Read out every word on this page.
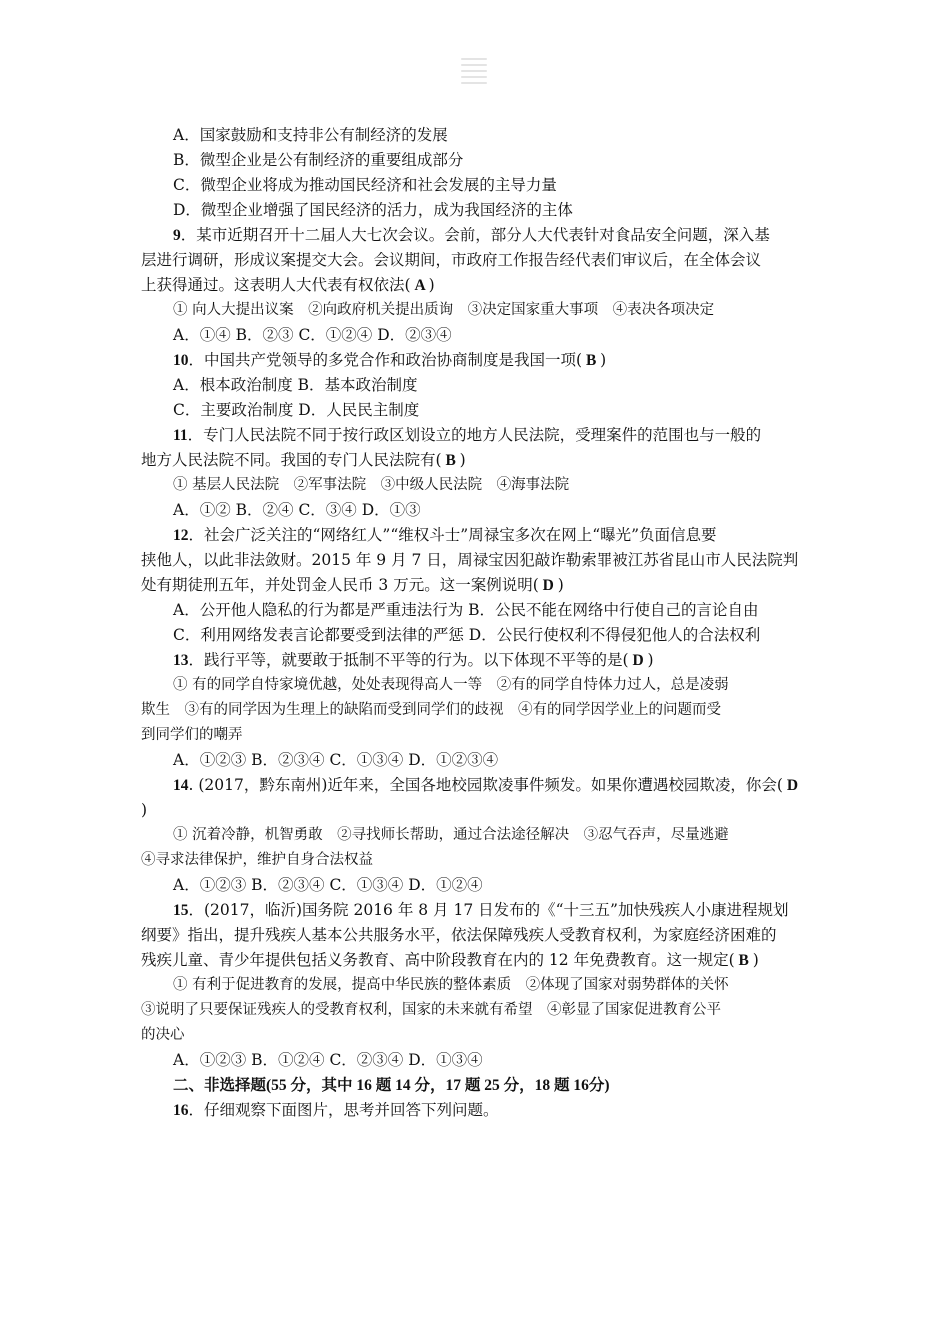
A．国家鼓励和支持非公有制经济的发展
B．微型企业是公有制经济的重要组成部分
C．微型企业将成为推动国民经济和社会发展的主导力量
D．微型企业增强了国民经济的活力，成为我国经济的主体
9．某市近期召开十二届人大七次会议。会前，部分人大代表针对食品安全问题，深入基
层进行调研，形成议案提交大会。会议期间，市政府工作报告经代表们审议后，在全体会议
上获得通过。这表明人大代表有权依法( A )
① 向人大提出议案　②向政府机关提出质询　③决定国家重大事项　④表决各项决定
A．①④ B．②③ C．①②④ D．②③④
10．中国共产党领导的多党合作和政治协商制度是我国一项( B )
A．根本政治制度 B．基本政治制度
C．主要政治制度 D．人民民主制度
11．专门人民法院不同于按行政区划设立的地方人民法院，受理案件的范围也与一般的
地方人民法院不同。我国的专门人民法院有( B )
① 基层人民法院　②军事法院　③中级人民法院　④海事法院
A．①② B．②④ C．③④ D．①③
12．社会广泛关注的“网络红人”“维权斗士”周禄宝多次在网上“曝光”负面信息要
挟他人，以此非法敛财。2015 年 9 月 7 日，周禄宝因犯敲诈勒索罪被江苏省昆山市人民法院判
处有期徒刑五年，并处罚金人民币 3 万元。这一案例说明( D )
A．公开他人隐私的行为都是严重违法行为 B．公民不能在网络中行使自己的言论自由
C．利用网络发表言论都要受到法律的严惩 D．公民行使权利不得侵犯他人的合法权利
13．践行平等，就要敢于抵制不平等的行为。以下体现不平等的是( D )
① 有的同学自恃家境优越，处处表现得高人一等　②有的同学自恃体力过人，总是凌弱
欺生　③有的同学因为生理上的缺陷而受到同学们的歧视　④有的同学因学业上的问题而受
到同学们的嘲弄
A．①②③ B．②③④ C．①③④ D．①②③④
14. (2017，黔东南州)近年来，全国各地校园欺凌事件频发。如果你遭遇校园欺凌，你会( D
)
① 沉着冷静，机智勇敢　②寻找师长帮助，通过合法途径解决　③忍气吞声，尽量逃避
④寻求法律保护，维护自身合法权益
A．①②③ B．②③④ C．①③④ D．①②④
15．(2017，临沂)国务院 2016 年 8 月 17 日发布的《“十三五”加快残疾人小康进程规划
纲要》指出，提升残疾人基本公共服务水平，依法保障残疾人受教育权利，为家庭经济困难的
残疾儿童、青少年提供包括义务教育、高中阶段教育在内的 12 年免费教育。这一规定( B )
① 有利于促进教育的发展，提高中华民族的整体素质　②体现了国家对弱势群体的关怀
③说明了只要保证残疾人的受教育权利，国家的未来就有希望　④彰显了国家促进教育公平
的决心
A．①②③ B．①②④ C．②③④ D．①③④
二、非选择题(55 分，其中 16 题 14 分，17 题 25 分，18 题 16分)
16．仔细观察下面图片，思考并回答下列问题。
